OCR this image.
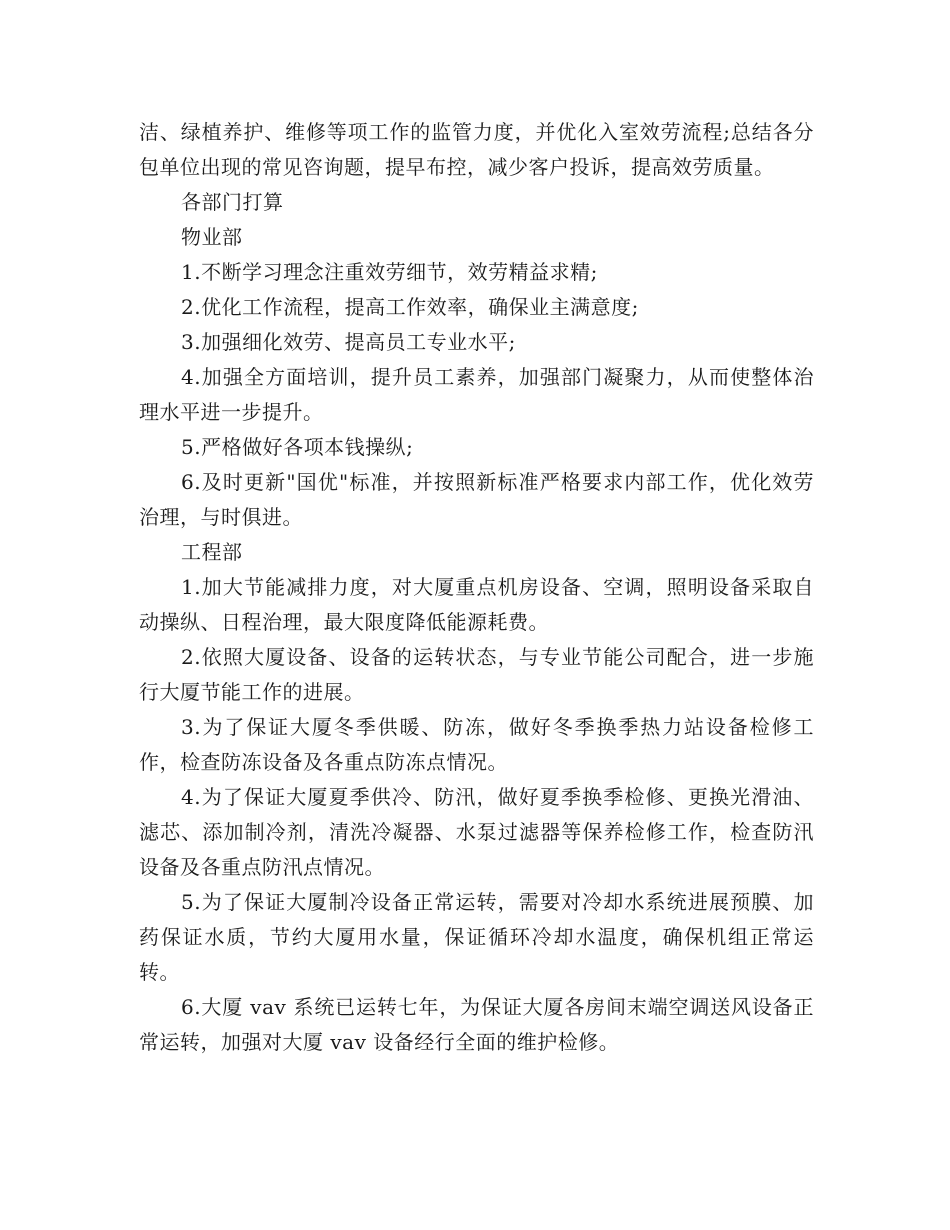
洁、绿植养护、维修等项工作的监管力度，并优化入室效劳流程;总结各分包单位出现的常见咨询题，提早布控，减少客户投诉，提高效劳质量。

各部门打算

物业部

1.不断学习理念注重效劳细节，效劳精益求精;

2.优化工作流程，提高工作效率，确保业主满意度;

3.加强细化效劳、提高员工专业水平;

4.加强全方面培训，提升员工素养，加强部门凝聚力，从而使整体治理水平进一步提升。

5.严格做好各项本钱操纵;

6.及时更新"国优"标准，并按照新标准严格要求内部工作，优化效劳治理，与时俱进。

工程部

1.加大节能减排力度，对大厦重点机房设备、空调，照明设备采取自动操纵、日程治理，最大限度降低能源耗费。

2.依照大厦设备、设备的运转状态，与专业节能公司配合，进一步施行大厦节能工作的进展。

3.为了保证大厦冬季供暖、防冻，做好冬季换季热力站设备检修工作，检查防冻设备及各重点防冻点情况。

4.为了保证大厦夏季供冷、防汛，做好夏季换季检修、更换光滑油、滤芯、添加制冷剂，清洗冷凝器、水泵过滤器等保养检修工作，检查防汛设备及各重点防汛点情况。

5.为了保证大厦制冷设备正常运转，需要对冷却水系统进展预膜、加药保证水质，节约大厦用水量，保证循环冷却水温度，确保机组正常运转。

6.大厦 vav 系统已运转七年，为保证大厦各房间末端空调送风设备正常运转，加强对大厦 vav 设备经行全面的维护检修。
